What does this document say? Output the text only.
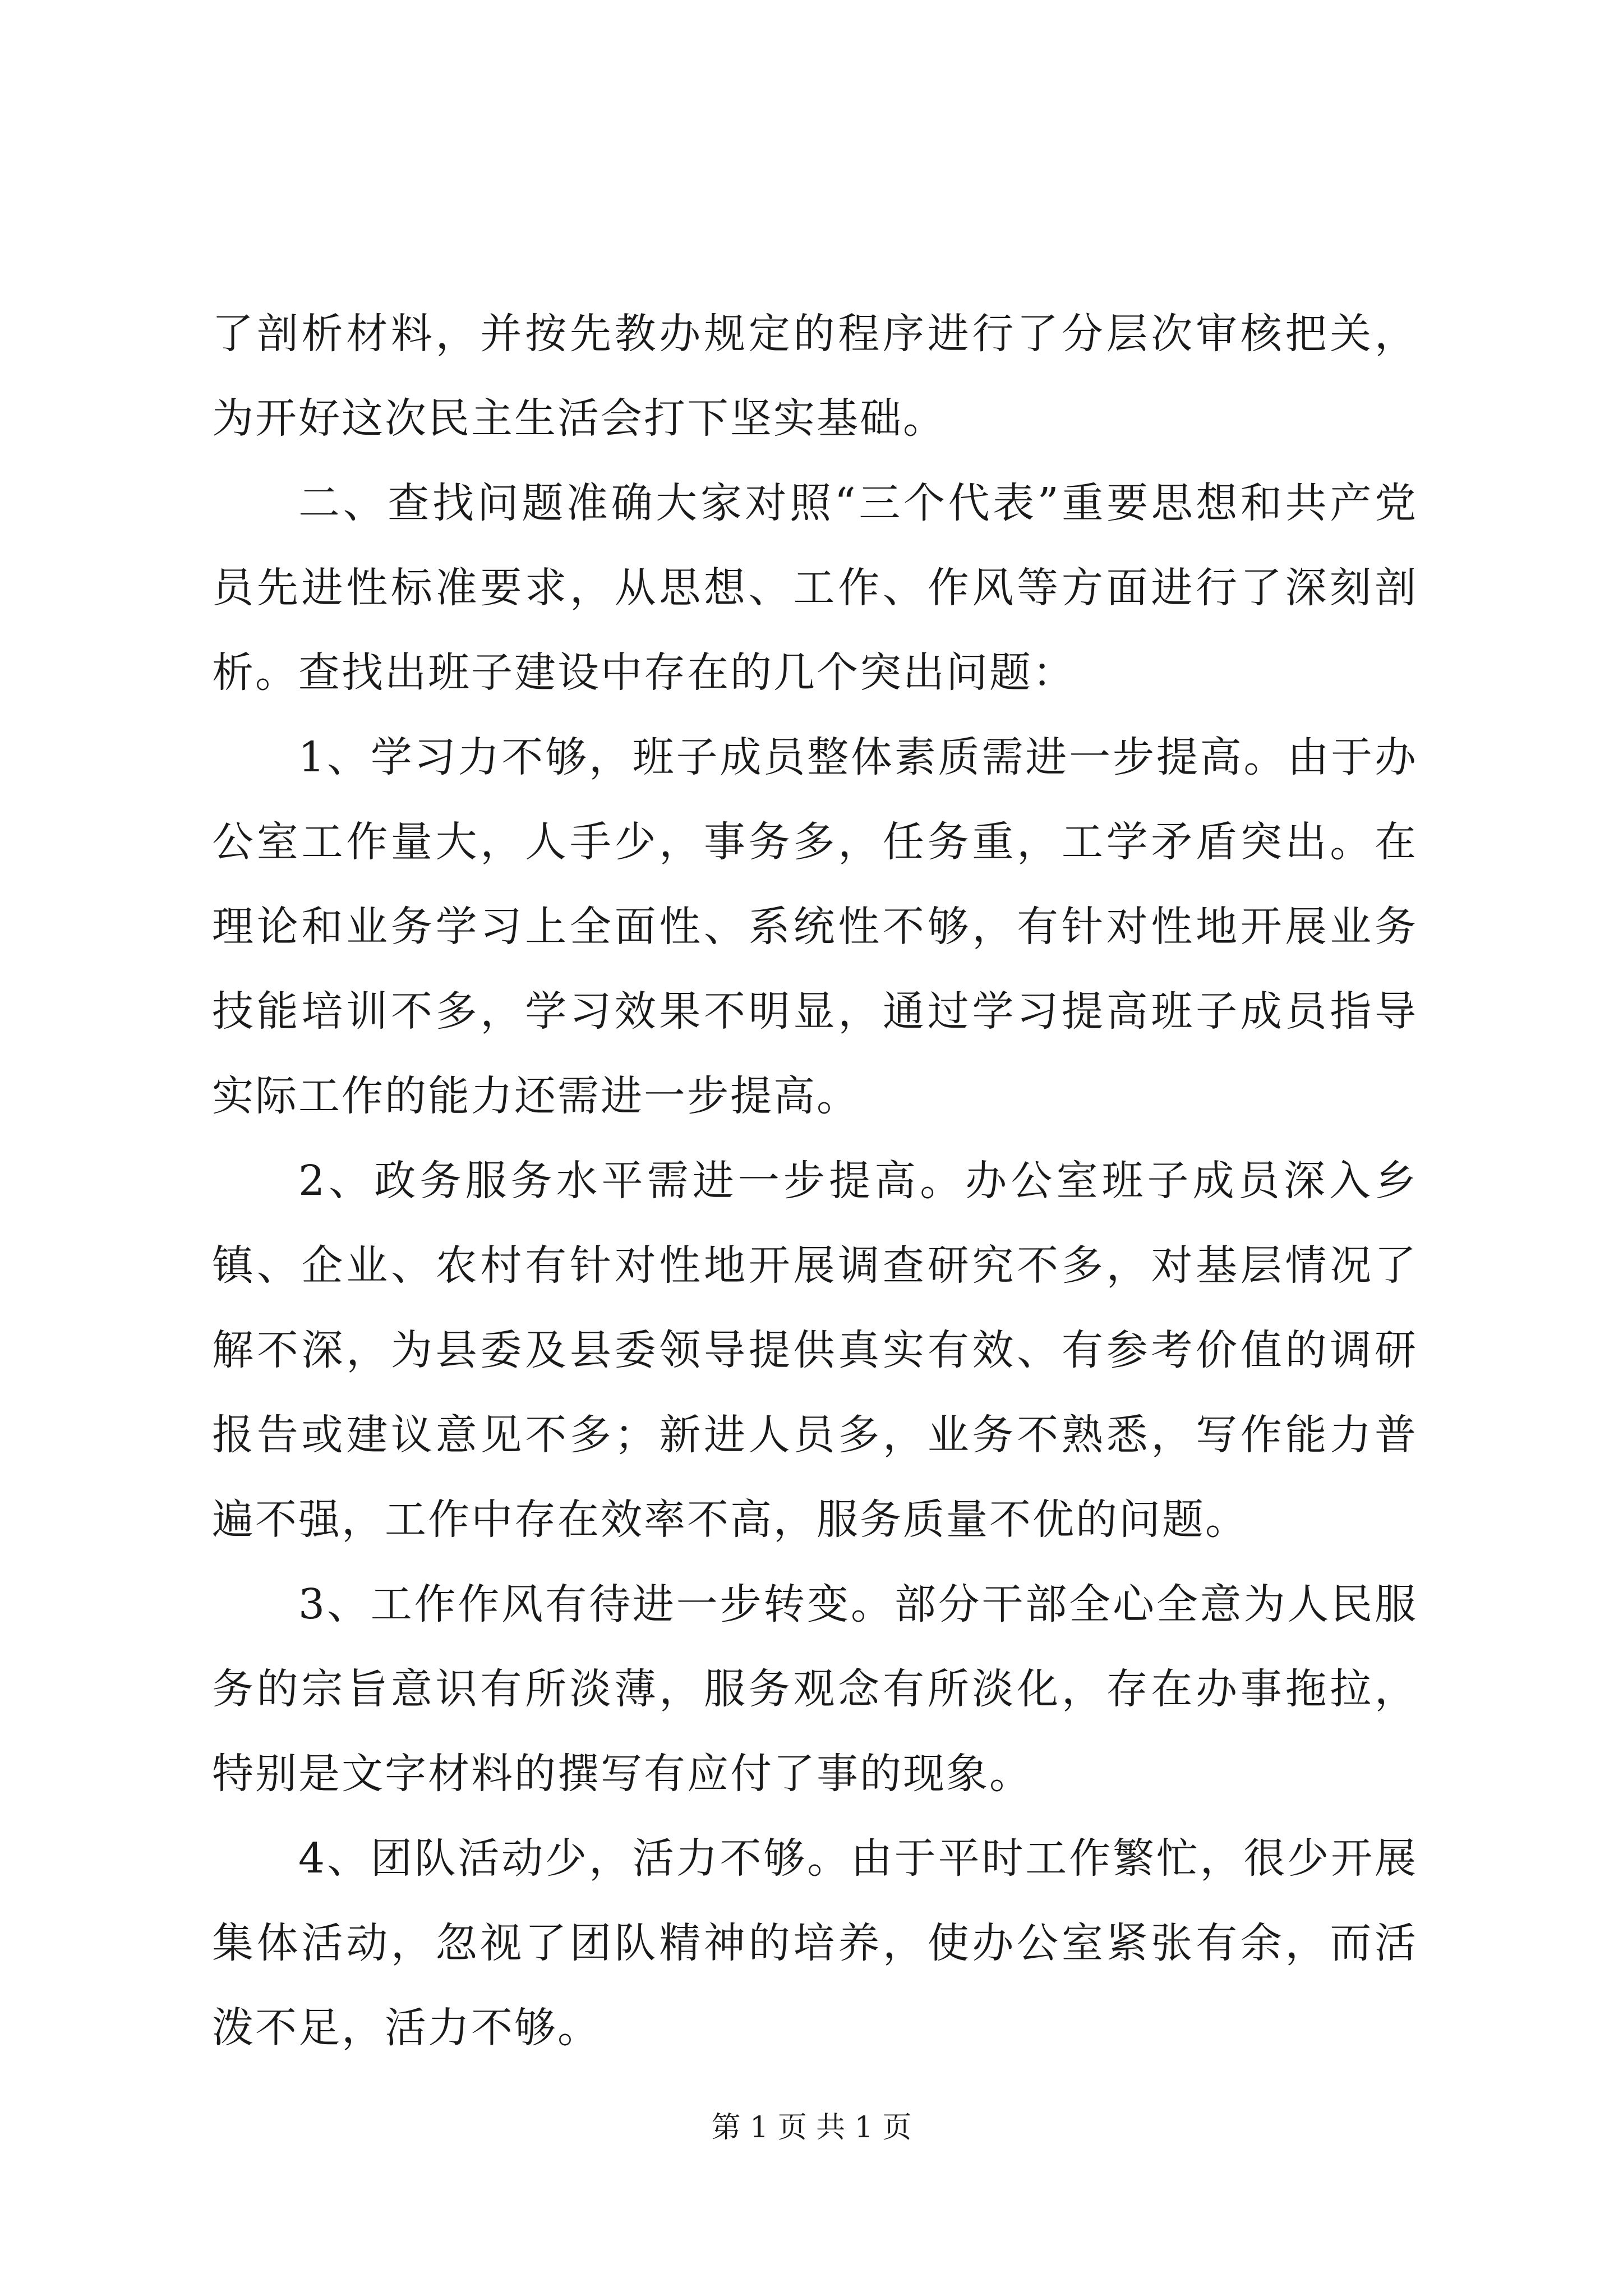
了剖析材料，并按先教办规定的程序进行了分层次审核把关，为开好这次民主生活会打下坚实基础。

二、查找问题准确大家对照“三个代表”重要思想和共产党员先进性标准要求，从思想、工作、作风等方面进行了深刻剖析。查找出班子建设中存在的几个突出问题：

1、学习力不够，班子成员整体素质需进一步提高。由于办公室工作量大，人手少，事务多，任务重，工学矛盾突出。在理论和业务学习上全面性、系统性不够，有针对性地开展业务技能培训不多，学习效果不明显，通过学习提高班子成员指导实际工作的能力还需进一步提高。

2、政务服务水平需进一步提高。办公室班子成员深入乡镇、企业、农村有针对性地开展调查研究不多，对基层情况了解不深，为县委及县委领导提供真实有效、有参考价值的调研报告或建议意见不多；新进人员多，业务不熟悉，写作能力普遍不强，工作中存在效率不高，服务质量不优的问题。

3、工作作风有待进一步转变。部分干部全心全意为人民服务的宗旨意识有所淡薄，服务观念有所淡化，存在办事拖拉，特别是文字材料的撰写有应付了事的现象。

4、团队活动少，活力不够。由于平时工作繁忙，很少开展集体活动，忽视了团队精神的培养，使办公室紧张有余，而活泼不足，活力不够。

第 1 页 共 1 页
